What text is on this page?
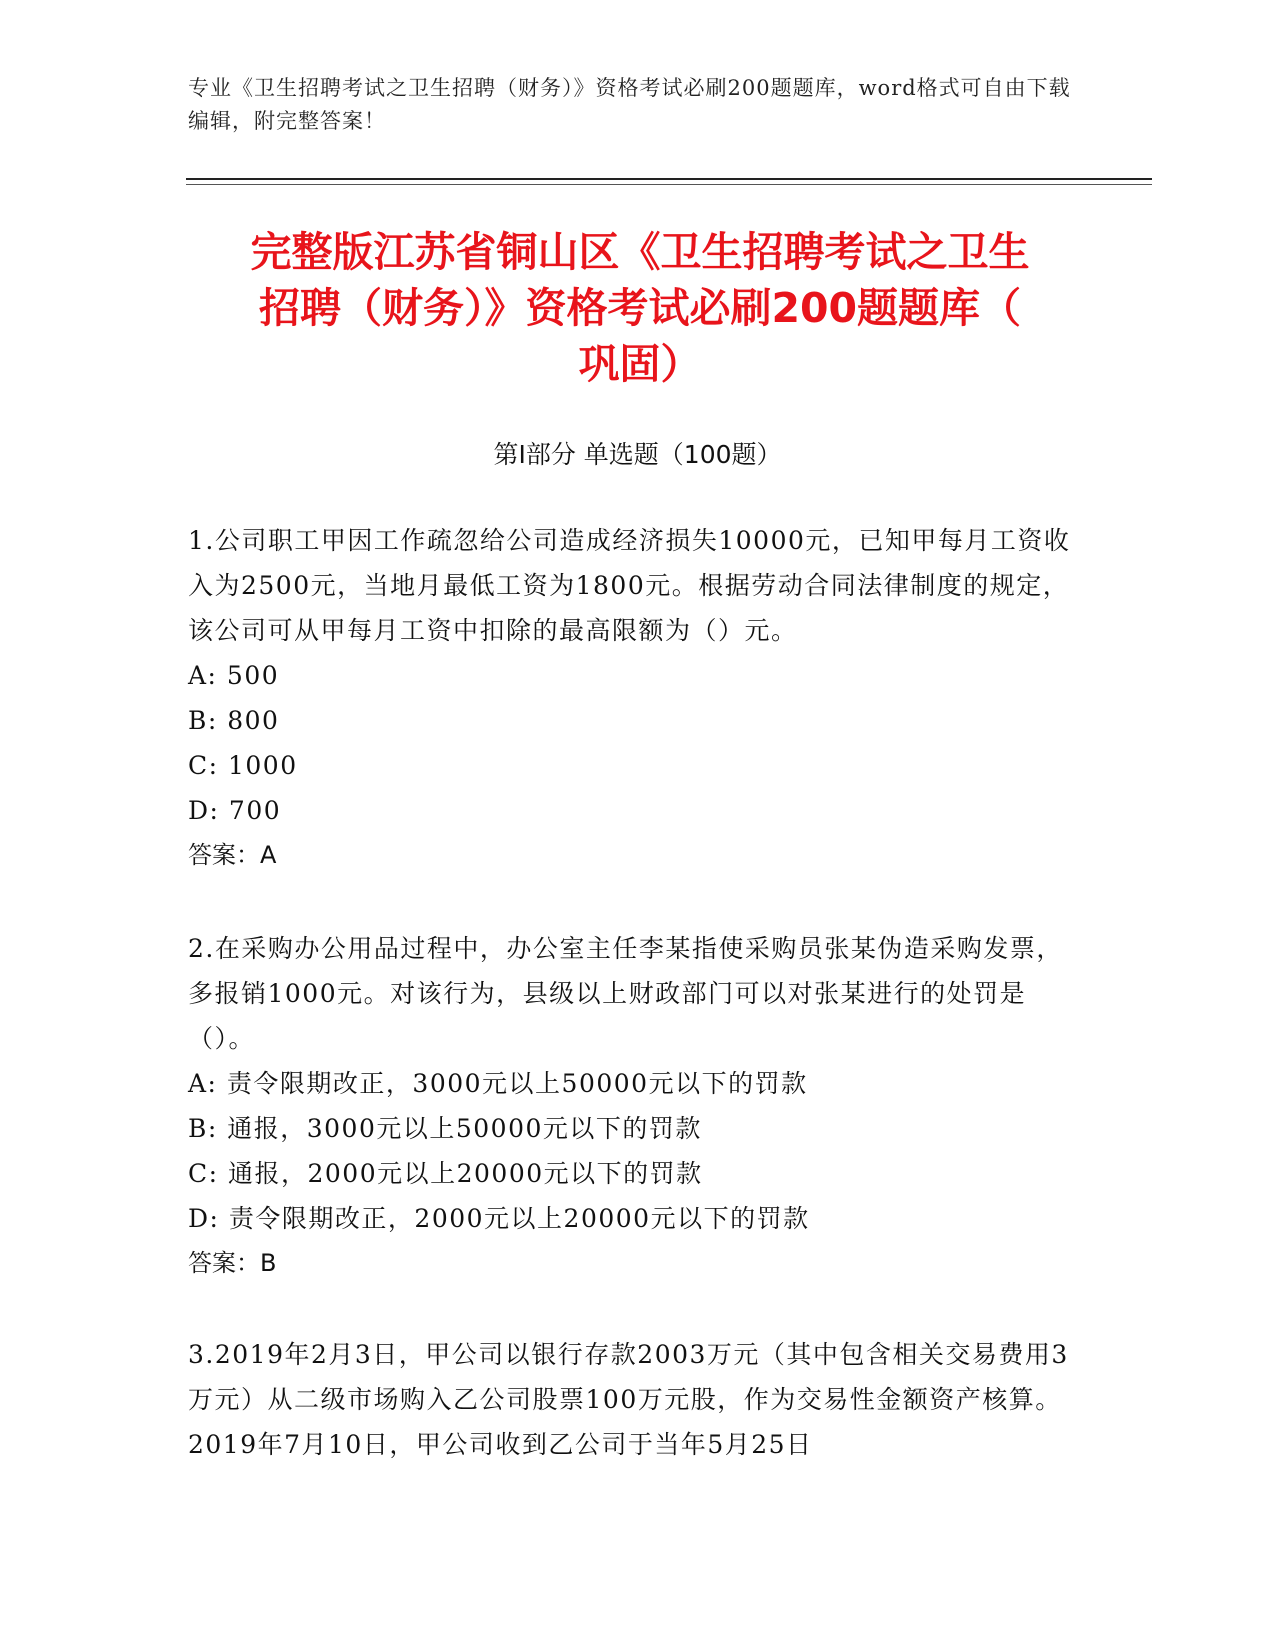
专业《卫生招聘考试之卫生招聘（财务）》资格考试必刷200题题库，word格式可自由下载编辑，附完整答案！
完整版江苏省铜山区《卫生招聘考试之卫生
招聘（财务）》资格考试必刷200题题库（
巩固）
第I部分 单选题（100题）

1.公司职工甲因工作疏忽给公司造成经济损失10000元，已知甲每月工资收入为2500元，当地月最低工资为1800元。根据劳动合同法律制度的规定，该公司可从甲每月工资中扣除的最高限额为（）元。

A: 500

B: 800

C: 1000

D: 700

答案：A

2.在采购办公用品过程中，办公室主任李某指使采购员张某伪造采购发票，多报销1000元。对该行为，县级以上财政部门可以对张某进行的处罚是（）。

A: 责令限期改正，3000元以上50000元以下的罚款

B: 通报，3000元以上50000元以下的罚款

C: 通报，2000元以上20000元以下的罚款

D: 责令限期改正，2000元以上20000元以下的罚款

答案：B

3.2019年2月3日，甲公司以银行存款2003万元（其中包含相关交易费用3万元）从二级市场购入乙公司股票100万元股，作为交易性金额资产核算。2019年7月10日，甲公司收到乙公司于当年5月25日
